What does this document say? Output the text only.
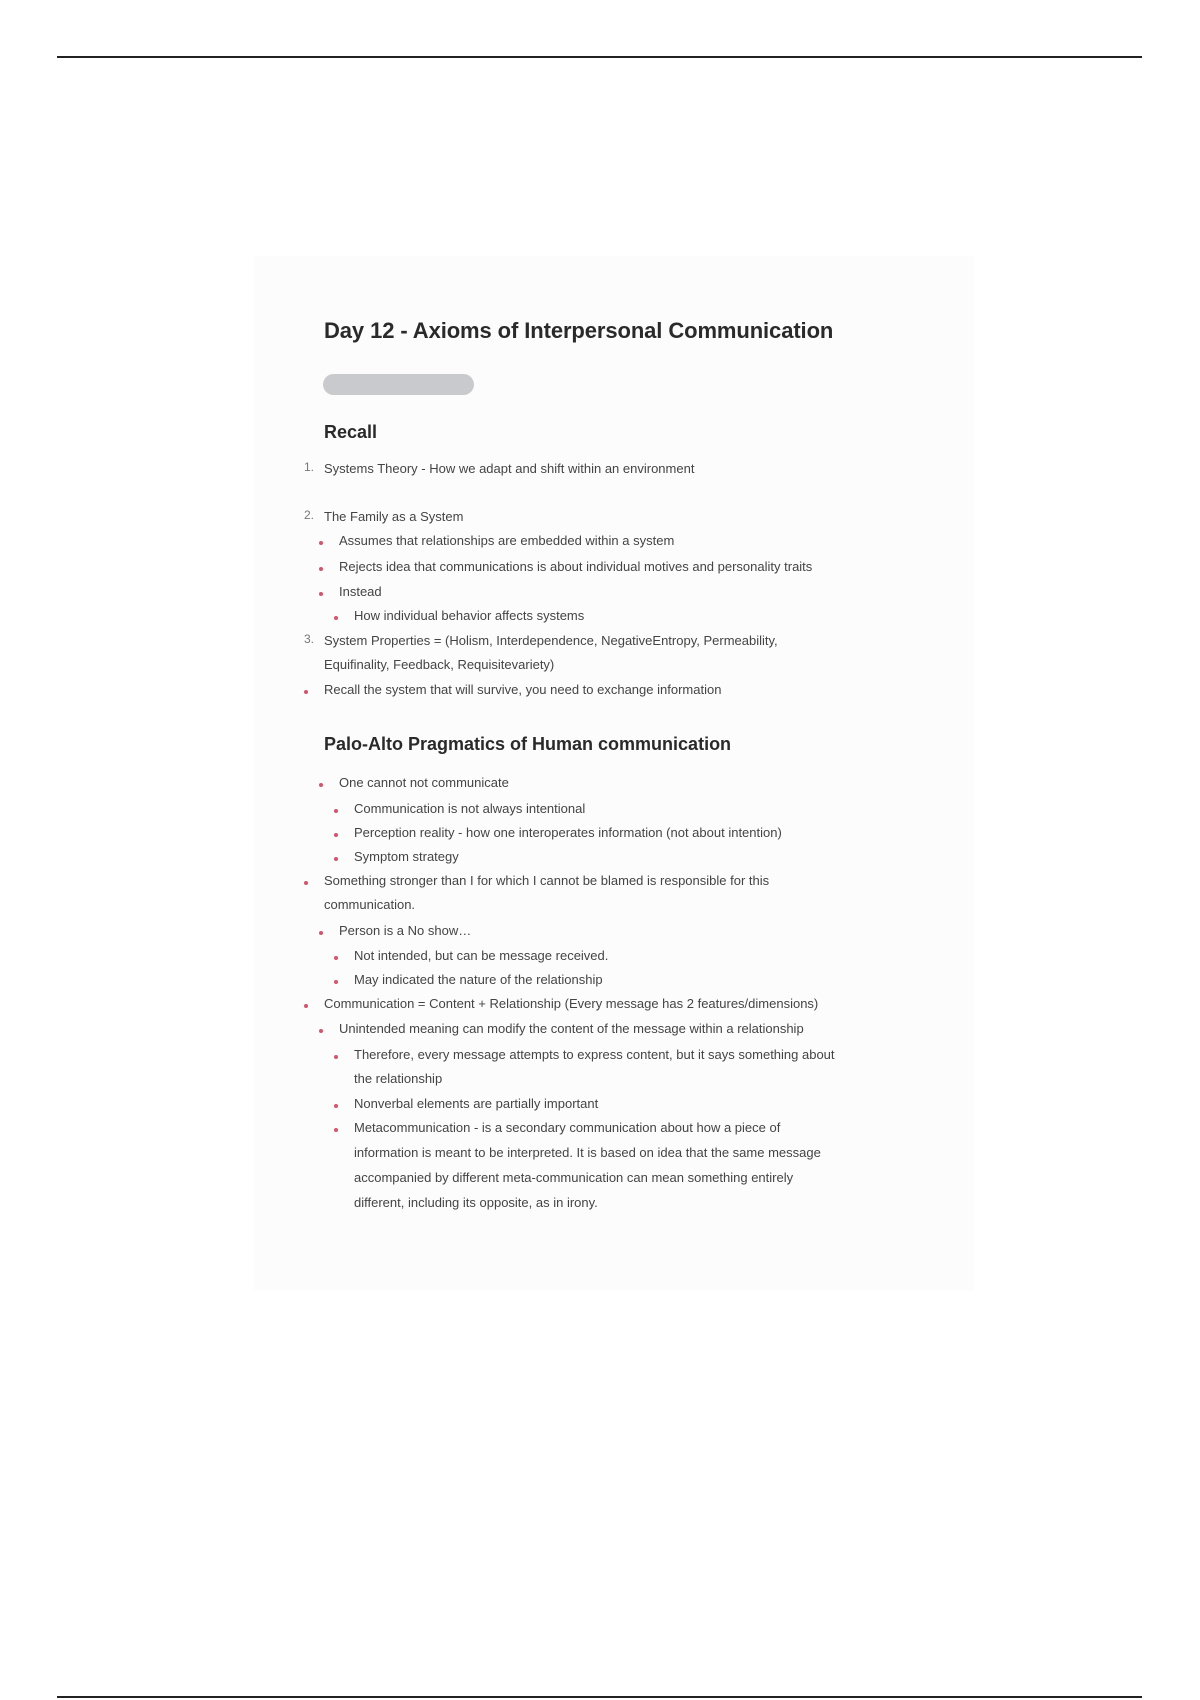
Day 12 - Axioms of Interpersonal Communication
Recall
1. Systems Theory - How we adapt and shift within an environment
2. The Family as a System
Assumes that relationships are embedded within a system
Rejects idea that communications is about individual motives and personality traits
Instead
How individual behavior affects systems
3. System Properties = (Holism, Interdependence, NegativeEntropy, Permeability,
Equifinality, Feedback, Requisitevariety)
Recall the system that will survive, you need to exchange information
Palo-Alto Pragmatics of Human communication
One cannot not communicate
Communication is not always intentional
Perception reality - how one interoperates information (not about intention)
Symptom strategy
Something stronger than I for which I cannot be blamed is responsible for this
communication.
Person is a No show…
Not intended, but can be message received.
May indicated the nature of the relationship
Communication = Content + Relationship (Every message has 2 features/dimensions)
Unintended meaning can modify the content of the message within a relationship
Therefore, every message attempts to express content, but it says something about
the relationship
Nonverbal elements are partially important
Metacommunication - is a secondary communication about how a piece of
information is meant to be interpreted. It is based on idea that the same message
accompanied by different meta-communication can mean something entirely
different, including its opposite, as in irony.
